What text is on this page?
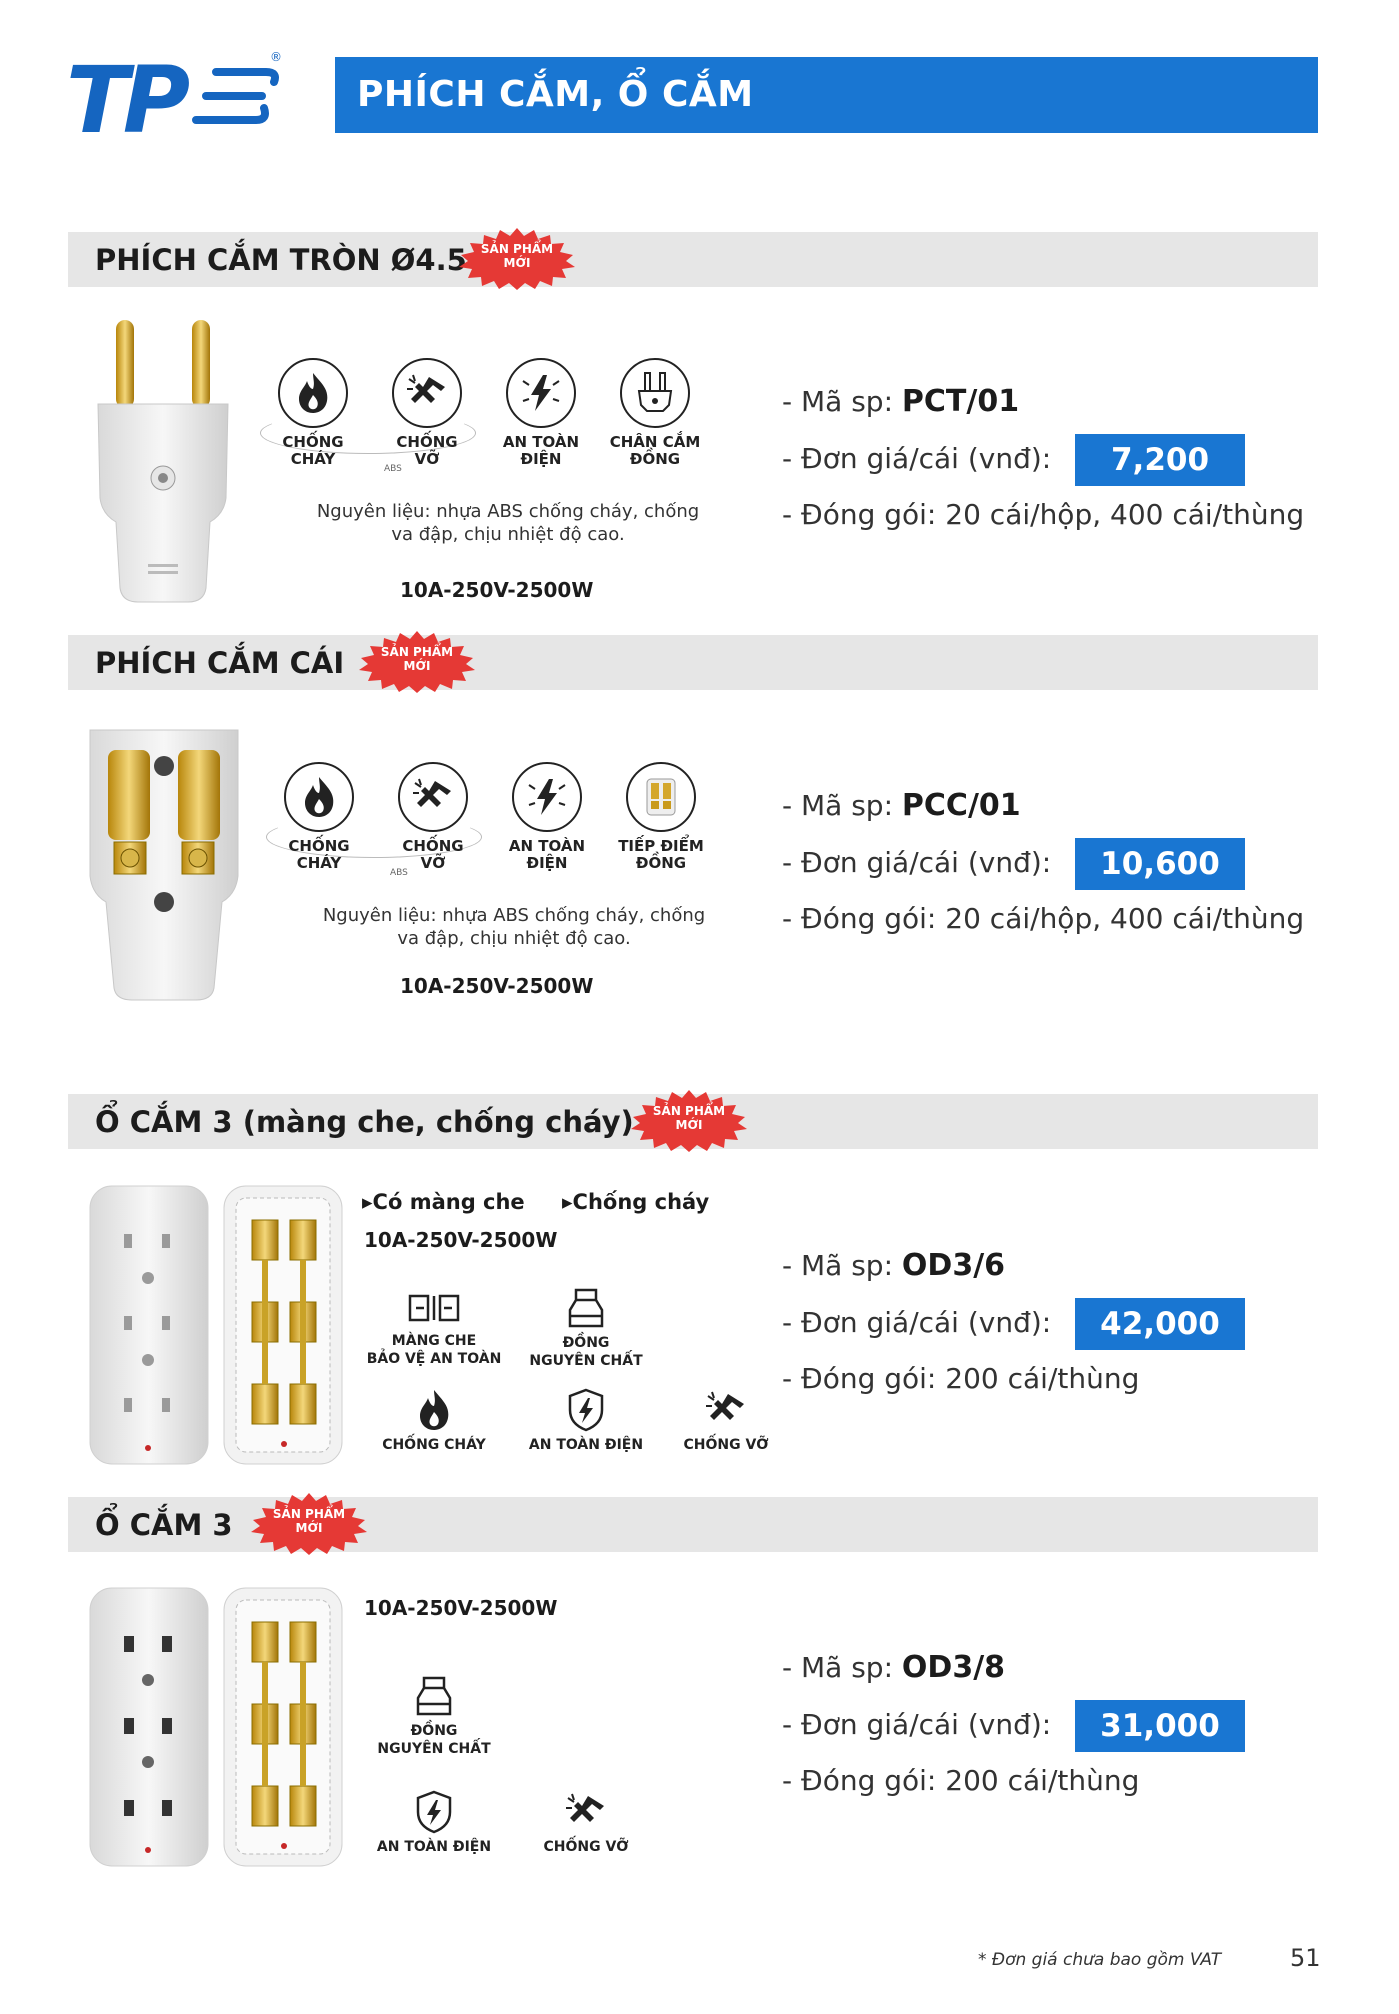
TP	®
PHÍCH CẮM, Ổ CẮM
PHÍCH CẮM TRÒN Ø4.5	SẢN PHẨM
MỚI
ABS
CHỐNG
CHÁY
CHỐNG
VỠ
AN TOÀN
ĐIỆN
CHÂN CẮM
ĐỒNG
Nguyên liệu: nhựa ABS chống cháy, chống
va đập, chịu nhiệt độ cao.
10A-250V-2500W
- Mã sp: PCT/01
- Đơn giá/cái (vnđ):	7,200
- Đóng gói: 20 cái/hộp, 400 cái/thùng
PHÍCH CẮM CÁI	SẢN PHẨM
MỚI
ABS
CHỐNG
CHÁY
CHỐNG
VỠ
AN TOÀN
ĐIỆN
TIẾP ĐIỂM
ĐỒNG
Nguyên liệu: nhựa ABS chống cháy, chống
va đập, chịu nhiệt độ cao.
10A-250V-2500W
- Mã sp: PCC/01
- Đơn giá/cái (vnđ):	10,600
- Đóng gói: 20 cái/hộp, 400 cái/thùng
Ổ CẮM 3 (màng che, chống cháy)	SẢN PHẨM
MỚI
▸Có màng che ▸Chống cháy
10A-250V-2500W
MÀNG CHE
BẢO VỆ AN TOÀN
ĐỒNG
NGUYÊN CHẤT
CHỐNG CHÁY	AN TOÀN ĐIỆN	CHỐNG VỠ
- Mã sp: OD3/6
- Đơn giá/cái (vnđ):	42,000
- Đóng gói: 200 cái/thùng
Ổ CẮM 3	SẢN PHẨM
MỚI
10A-250V-2500W
ĐỒNG
NGUYÊN CHẤT
AN TOÀN ĐIỆN	CHỐNG VỠ
- Mã sp: OD3/8
- Đơn giá/cái (vnđ):	31,000
- Đóng gói: 200 cái/thùng
* Đơn giá chưa bao gồm VAT	51
